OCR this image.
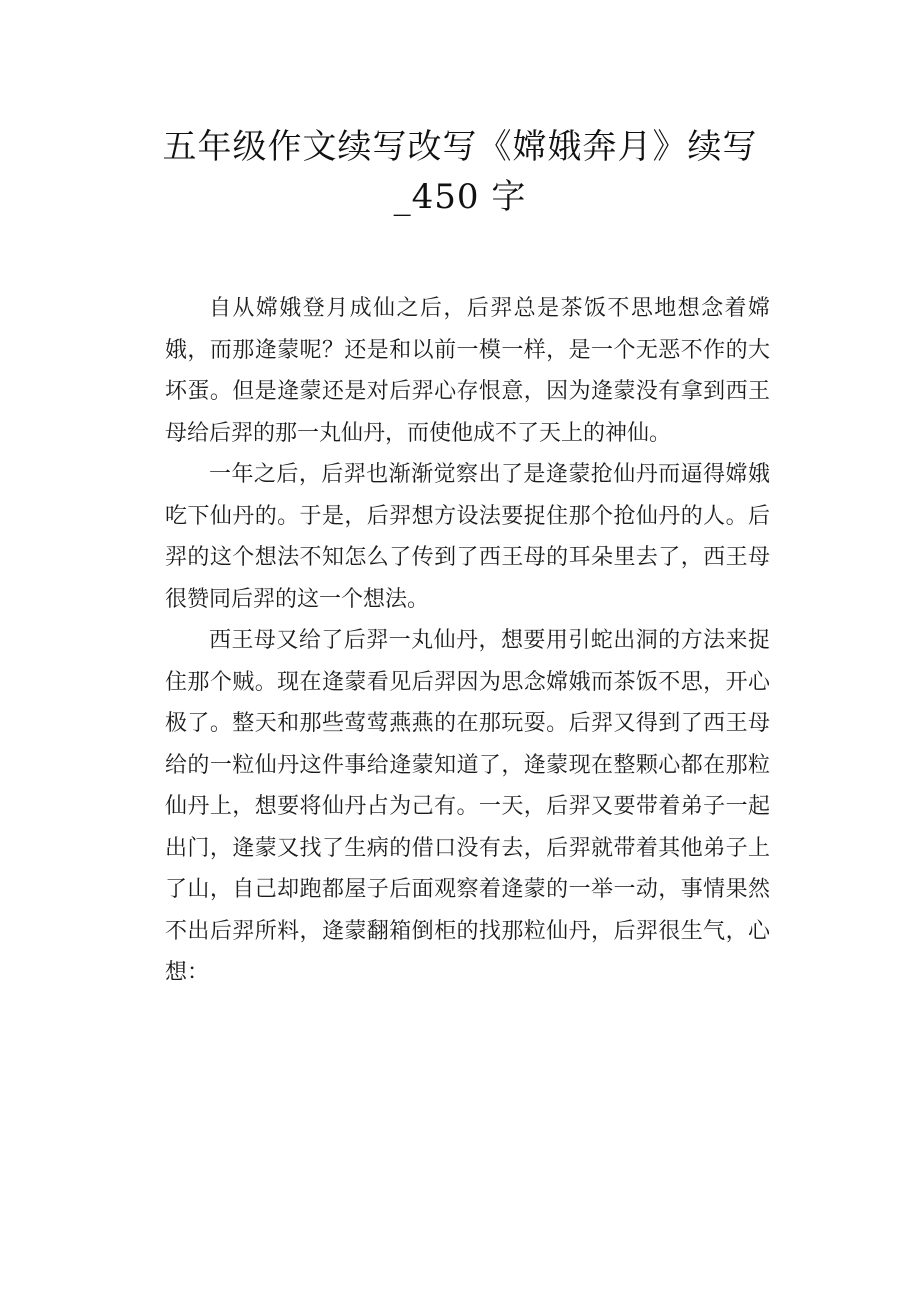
五年级作文续写改写《嫦娥奔月》续写
_450 字

自从嫦娥登月成仙之后，后羿总是茶饭不思地想念着嫦娥，而那逄蒙呢？还是和以前一模一样，是一个无恶不作的大坏蛋。但是逄蒙还是对后羿心存恨意，因为逄蒙没有拿到西王母给后羿的那一丸仙丹，而使他成不了天上的神仙。

一年之后，后羿也渐渐觉察出了是逄蒙抢仙丹而逼得嫦娥吃下仙丹的。于是，后羿想方设法要捉住那个抢仙丹的人。后羿的这个想法不知怎么了传到了西王母的耳朵里去了，西王母很赞同后羿的这一个想法。

西王母又给了后羿一丸仙丹，想要用引蛇出洞的方法来捉住那个贼。现在逄蒙看见后羿因为思念嫦娥而茶饭不思，开心极了。整天和那些莺莺燕燕的在那玩耍。后羿又得到了西王母给的一粒仙丹这件事给逄蒙知道了，逄蒙现在整颗心都在那粒仙丹上，想要将仙丹占为己有。一天，后羿又要带着弟子一起出门，逄蒙又找了生病的借口没有去，后羿就带着其他弟子上了山，自己却跑都屋子后面观察着逄蒙的一举一动，事情果然不出后羿所料，逄蒙翻箱倒柜的找那粒仙丹，后羿很生气，心想：
